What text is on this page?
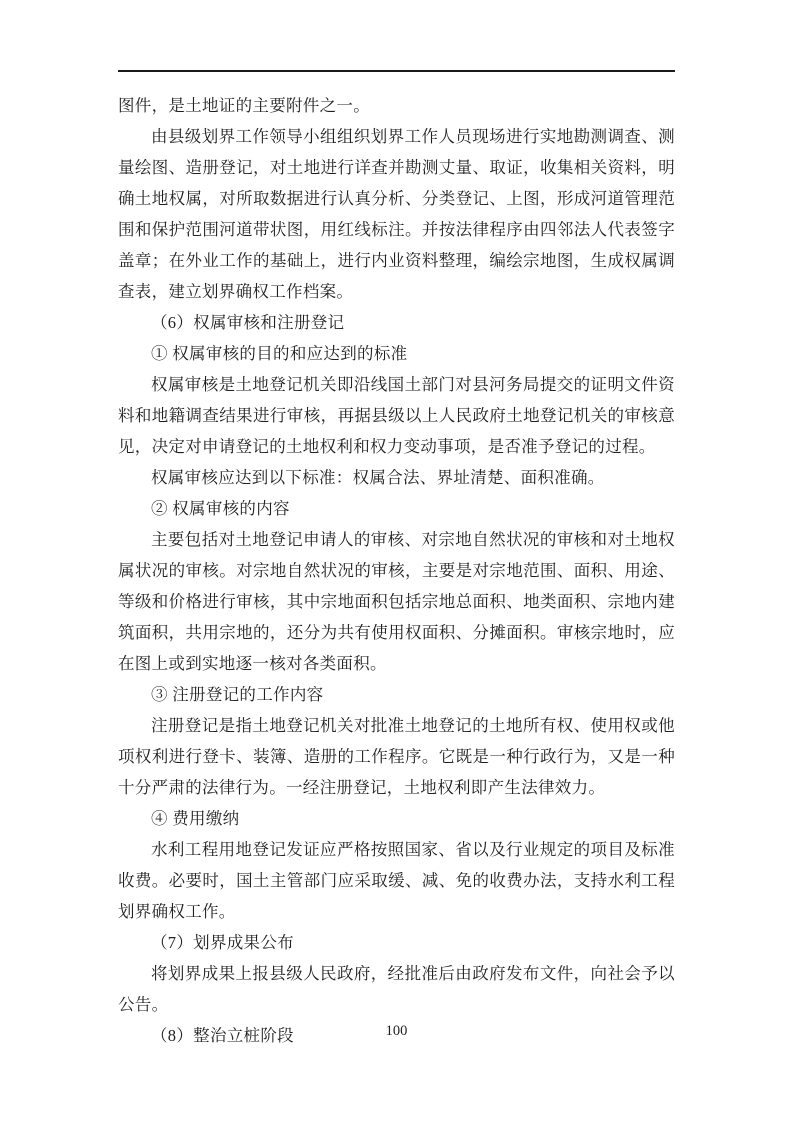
图件，是土地证的主要附件之一。

由县级划界工作领导小组组织划界工作人员现场进行实地勘测调查、测量绘图、造册登记，对土地进行详查并勘测丈量、取证，收集相关资料，明确土地权属，对所取数据进行认真分析、分类登记、上图，形成河道管理范围和保护范围河道带状图，用红线标注。并按法律程序由四邻法人代表签字盖章；在外业工作的基础上，进行内业资料整理，编绘宗地图，生成权属调查表，建立划界确权工作档案。

（6）权属审核和注册登记

① 权属审核的目的和应达到的标准

权属审核是土地登记机关即沿线国土部门对县河务局提交的证明文件资料和地籍调查结果进行审核，再据县级以上人民政府土地登记机关的审核意见，决定对申请登记的土地权利和权力变动事项，是否准予登记的过程。

权属审核应达到以下标准：权属合法、界址清楚、面积准确。

② 权属审核的内容

主要包括对土地登记申请人的审核、对宗地自然状况的审核和对土地权属状况的审核。对宗地自然状况的审核，主要是对宗地范围、面积、用途、等级和价格进行审核，其中宗地面积包括宗地总面积、地类面积、宗地内建筑面积，共用宗地的，还分为共有使用权面积、分摊面积。审核宗地时，应在图上或到实地逐一核对各类面积。

③ 注册登记的工作内容

注册登记是指土地登记机关对批准土地登记的土地所有权、使用权或他项权利进行登卡、装簿、造册的工作程序。它既是一种行政行为，又是一种十分严肃的法律行为。一经注册登记，土地权利即产生法律效力。

④ 费用缴纳

水利工程用地登记发证应严格按照国家、省以及行业规定的项目及标准收费。必要时，国土主管部门应采取缓、减、免的收费办法，支持水利工程划界确权工作。

（7）划界成果公布

将划界成果上报县级人民政府，经批准后由政府发布文件，向社会予以公告。

（8）整治立桩阶段	100
